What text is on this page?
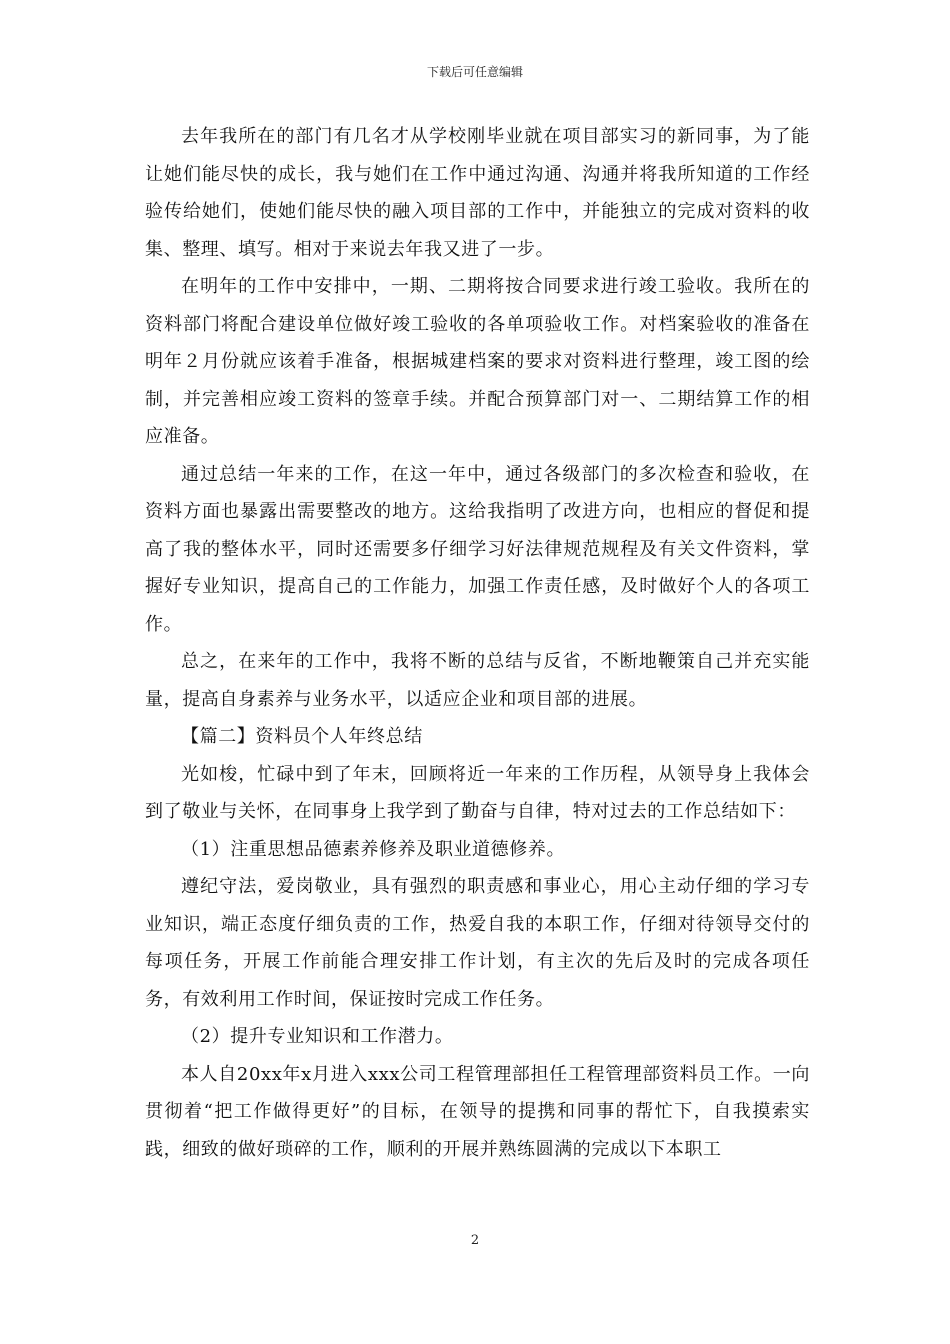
下载后可任意编辑

去年我所在的部门有几名才从学校刚毕业就在项目部实习的新同事，为了能让她们能尽快的成长，我与她们在工作中通过沟通、沟通并将我所知道的工作经验传给她们，使她们能尽快的融入项目部的工作中，并能独立的完成对资料的收集、整理、填写。相对于来说去年我又进了一步。

在明年的工作中安排中，一期、二期将按合同要求进行竣工验收。我所在的资料部门将配合建设单位做好竣工验收的各单项验收工作。对档案验收的准备在明年２月份就应该着手准备，根据城建档案的要求对资料进行整理，竣工图的绘制，并完善相应竣工资料的签章手续。并配合预算部门对一、二期结算工作的相应准备。

通过总结一年来的工作，在这一年中，通过各级部门的多次检查和验收，在资料方面也暴露出需要整改的地方。这给我指明了改进方向，也相应的督促和提高了我的整体水平，同时还需要多仔细学习好法律规范规程及有关文件资料，掌握好专业知识，提高自己的工作能力，加强工作责任感，及时做好个人的各项工作。

总之，在来年的工作中，我将不断的总结与反省，不断地鞭策自己并充实能量，提高自身素养与业务水平，以适应企业和项目部的进展。

【篇二】资料员个人年终总结

光如梭，忙碌中到了年末，回顾将近一年来的工作历程，从领导身上我体会到了敬业与关怀，在同事身上我学到了勤奋与自律，特对过去的工作总结如下：

（1）注重思想品德素养修养及职业道德修养。

遵纪守法，爱岗敬业，具有强烈的职责感和事业心，用心主动仔细的学习专业知识，端正态度仔细负责的工作，热爱自我的本职工作，仔细对待领导交付的每项任务，开展工作前能合理安排工作计划，有主次的先后及时的完成各项任务，有效利用工作时间，保证按时完成工作任务。

（2）提升专业知识和工作潜力。

本人自20xx年x月进入xxx公司工程管理部担任工程管理部资料员工作。一向贯彻着“把工作做得更好”的目标，在领导的提携和同事的帮忙下，自我摸索实践，细致的做好琐碎的工作，顺利的开展并熟练圆满的完成以下本职工

2
